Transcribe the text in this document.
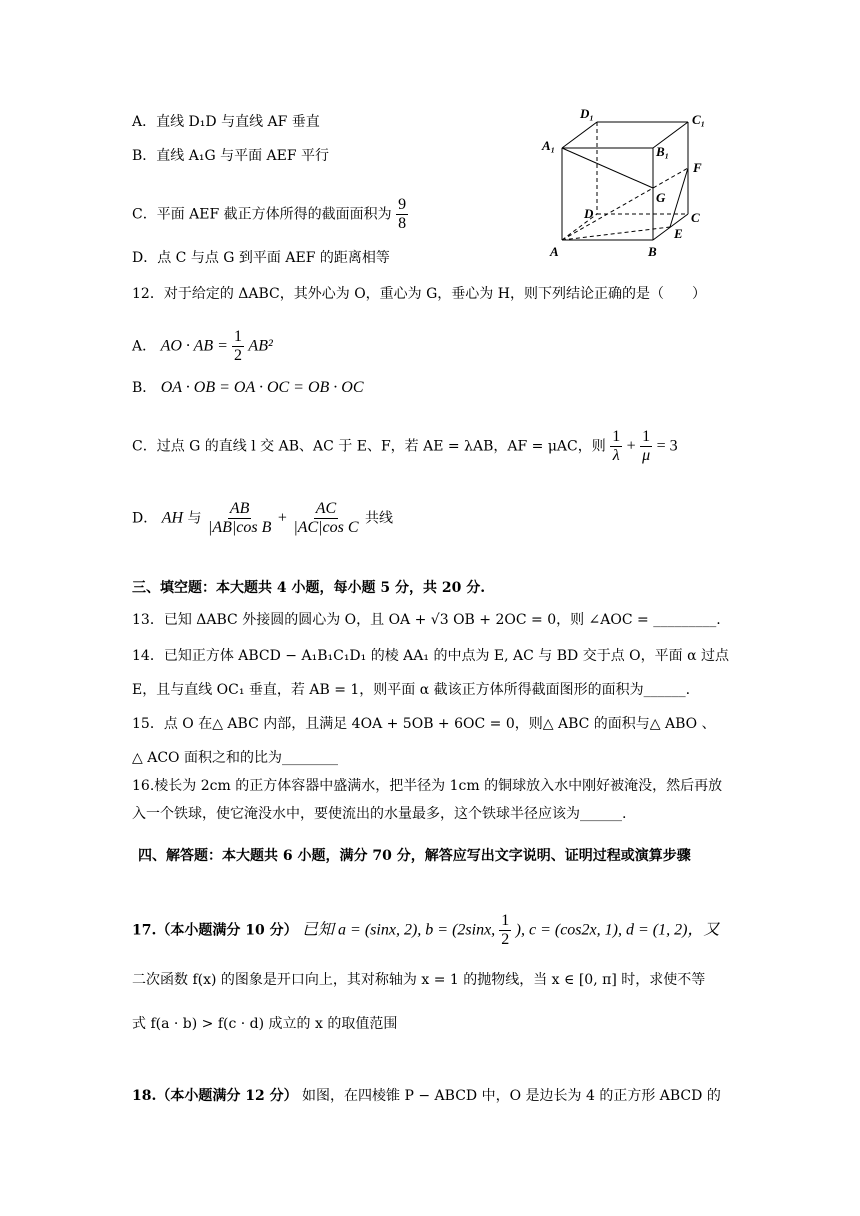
A．直线 D₁D 与直线 AF 垂直
B．直线 A₁G 与平面 AEF 平行
C．平面 AEF 截正方体所得的截面面积为 $\frac{9}{8}$
D．点 C 与点 G 到平面 AEF 的距离相等
D₁	C₁
A₁	B₁
F
G
D	C
E
A	B
12．对于给定的 ΔABC，其外心为 O，重心为 G，垂心为 H，则下列结论正确的是（　　）
A． AO · AB = $\frac{1}{2} AB^2$
B． OA · OB = OA · OC = OB · OC
C．过点 G 的直线 l 交 AB、AC 于 E、F，若 AE = λAB，AF = μAC，则 $\frac{1}{\lambda} + \frac{1}{\mu} = 3$
D． AH 与 $\frac{AB}{\text{|AB|cos B}} + \frac{AC}{\text{|AC|cos C}}$ 共线
三、填空题：本大题共 4 小题，每小题 5 分，共 20 分.
13．已知 ΔABC 外接圆的圆心为 O，且 OA + √3 OB + 2OC = 0，则 ∠AOC = _________.
14．已知正方体 ABCD − A₁B₁C₁D₁ 的棱 AA₁ 的中点为 E, AC 与 BD 交于点 O，平面 α 过点
E，且与直线 OC₁ 垂直，若 AB = 1，则平面 α 截该正方体所得截面图形的面积为______.
15．点 O 在△ ABC 内部，且满足 4OA + 5OB + 6OC = 0，则△ ABC 的面积与△ ABO 、
△ ACO 面积之和的比为________
16.棱长为 2cm 的正方体容器中盛满水，把半径为 1cm 的铜球放入水中刚好被淹没，然后再放
入一个铁球，使它淹没水中，要使流出的水量最多，这个铁球半径应该为______.
四、解答题：本大题共 6 小题，满分 70 分，解答应写出文字说明、证明过程或演算步骤
17.（本小题满分 10 分） 已知 a = (sinx, 2), b = (2sinx, $\frac{1}{2}$ ), c = (cos2x, 1), d = (1, 2)，又
二次函数 f(x) 的图象是开口向上，其对称轴为 x = 1 的抛物线，当 x ∈ [0, π] 时，求使不等
式 f(a · b) > f(c · d) 成立的 x 的取值范围
18.（本小题满分 12 分） 如图，在四棱锥 P − ABCD 中，O 是边长为 4 的正方形 ABCD 的
